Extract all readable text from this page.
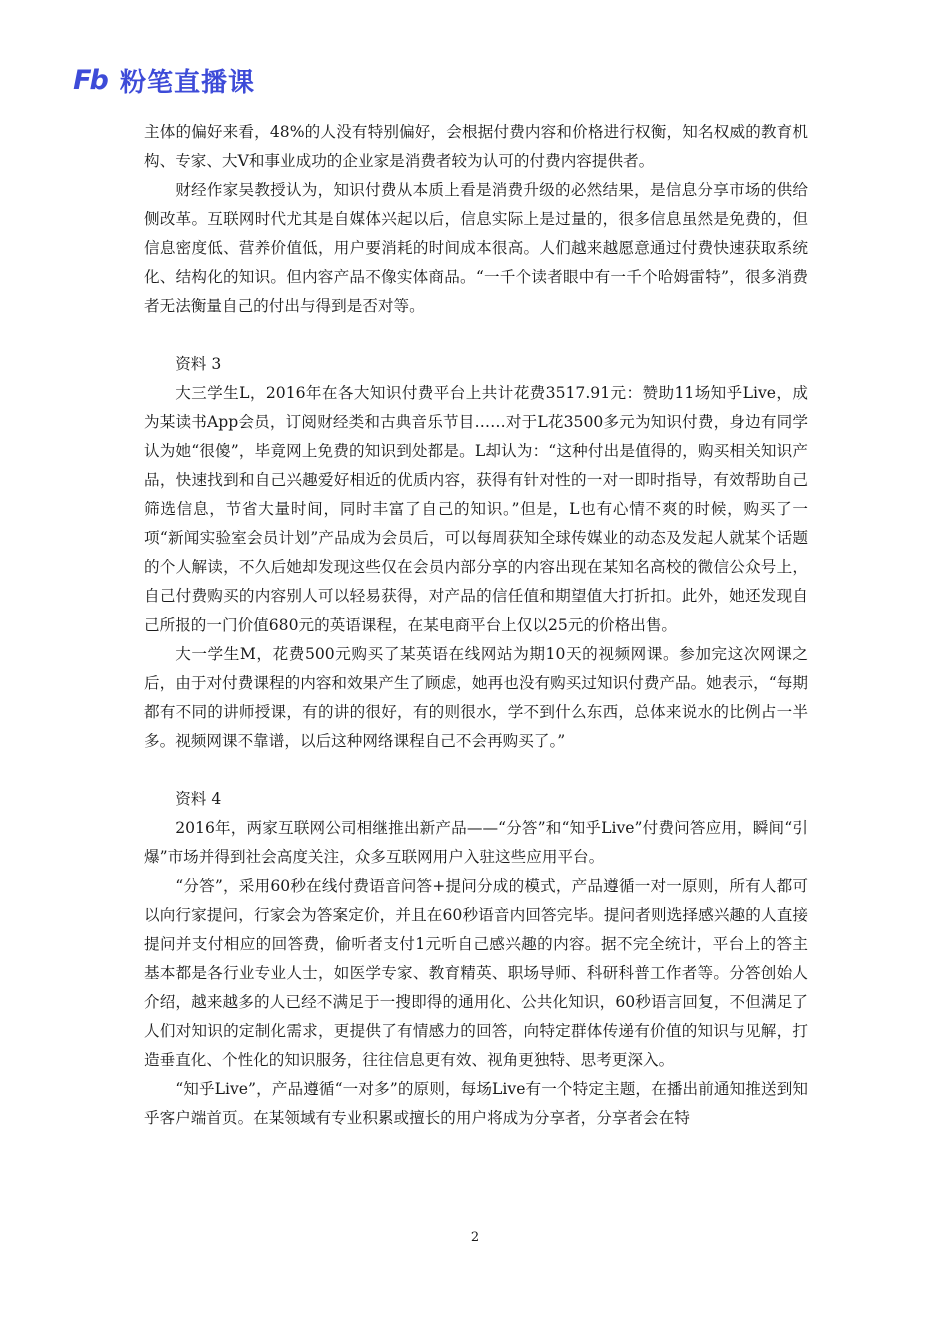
Fb 粉笔直播课

主体的偏好来看，48%的人没有特别偏好，会根据付费内容和价格进行权衡，知名权威的教育机构、专家、大V和事业成功的企业家是消费者较为认可的付费内容提供者。

财经作家吴教授认为，知识付费从本质上看是消费升级的必然结果，是信息分享市场的供给侧改革。互联网时代尤其是自媒体兴起以后，信息实际上是过量的，很多信息虽然是免费的，但信息密度低、营养价值低，用户要消耗的时间成本很高。人们越来越愿意通过付费快速获取系统化、结构化的知识。但内容产品不像实体商品。“一千个读者眼中有一千个哈姆雷特”，很多消费者无法衡量自己的付出与得到是否对等。

资料 3

大三学生L，2016年在各大知识付费平台上共计花费3517.91元：赞助11场知乎Live，成为某读书App会员，订阅财经类和古典音乐节目……对于L花3500多元为知识付费，身边有同学认为她“很傻”，毕竟网上免费的知识到处都是。L却认为：“这种付出是值得的，购买相关知识产品，快速找到和自己兴趣爱好相近的优质内容，获得有针对性的一对一即时指导，有效帮助自己筛选信息，节省大量时间，同时丰富了自己的知识。”但是，L也有心情不爽的时候，购买了一项“新闻实验室会员计划”产品成为会员后，可以每周获知全球传媒业的动态及发起人就某个话题的个人解读，不久后她却发现这些仅在会员内部分享的内容出现在某知名高校的微信公众号上，自己付费购买的内容别人可以轻易获得，对产品的信任值和期望值大打折扣。此外，她还发现自己所报的一门价值680元的英语课程，在某电商平台上仅以25元的价格出售。

大一学生M，花费500元购买了某英语在线网站为期10天的视频网课。参加完这次网课之后，由于对付费课程的内容和效果产生了顾虑，她再也没有购买过知识付费产品。她表示，“每期都有不同的讲师授课，有的讲的很好，有的则很水，学不到什么东西，总体来说水的比例占一半多。视频网课不靠谱，以后这种网络课程自己不会再购买了。”

资料 4

2016年，两家互联网公司相继推出新产品——“分答”和“知乎Live”付费问答应用，瞬间“引爆”市场并得到社会高度关注，众多互联网用户入驻这些应用平台。

“分答”，采用60秒在线付费语音问答+提问分成的模式，产品遵循一对一原则，所有人都可以向行家提问，行家会为答案定价，并且在60秒语音内回答完毕。提问者则选择感兴趣的人直接提问并支付相应的回答费，偷听者支付1元听自己感兴趣的内容。据不完全统计，平台上的答主基本都是各行业专业人士，如医学专家、教育精英、职场导师、科研科普工作者等。分答创始人介绍，越来越多的人已经不满足于一搜即得的通用化、公共化知识，60秒语言回复，不但满足了人们对知识的定制化需求，更提供了有情感力的回答，向特定群体传递有价值的知识与见解，打造垂直化、个性化的知识服务，往往信息更有效、视角更独特、思考更深入。

“知乎Live”，产品遵循“一对多”的原则，每场Live有一个特定主题，在播出前通知推送到知乎客户端首页。在某领域有专业积累或擅长的用户将成为分享者，分享者会在特

2
